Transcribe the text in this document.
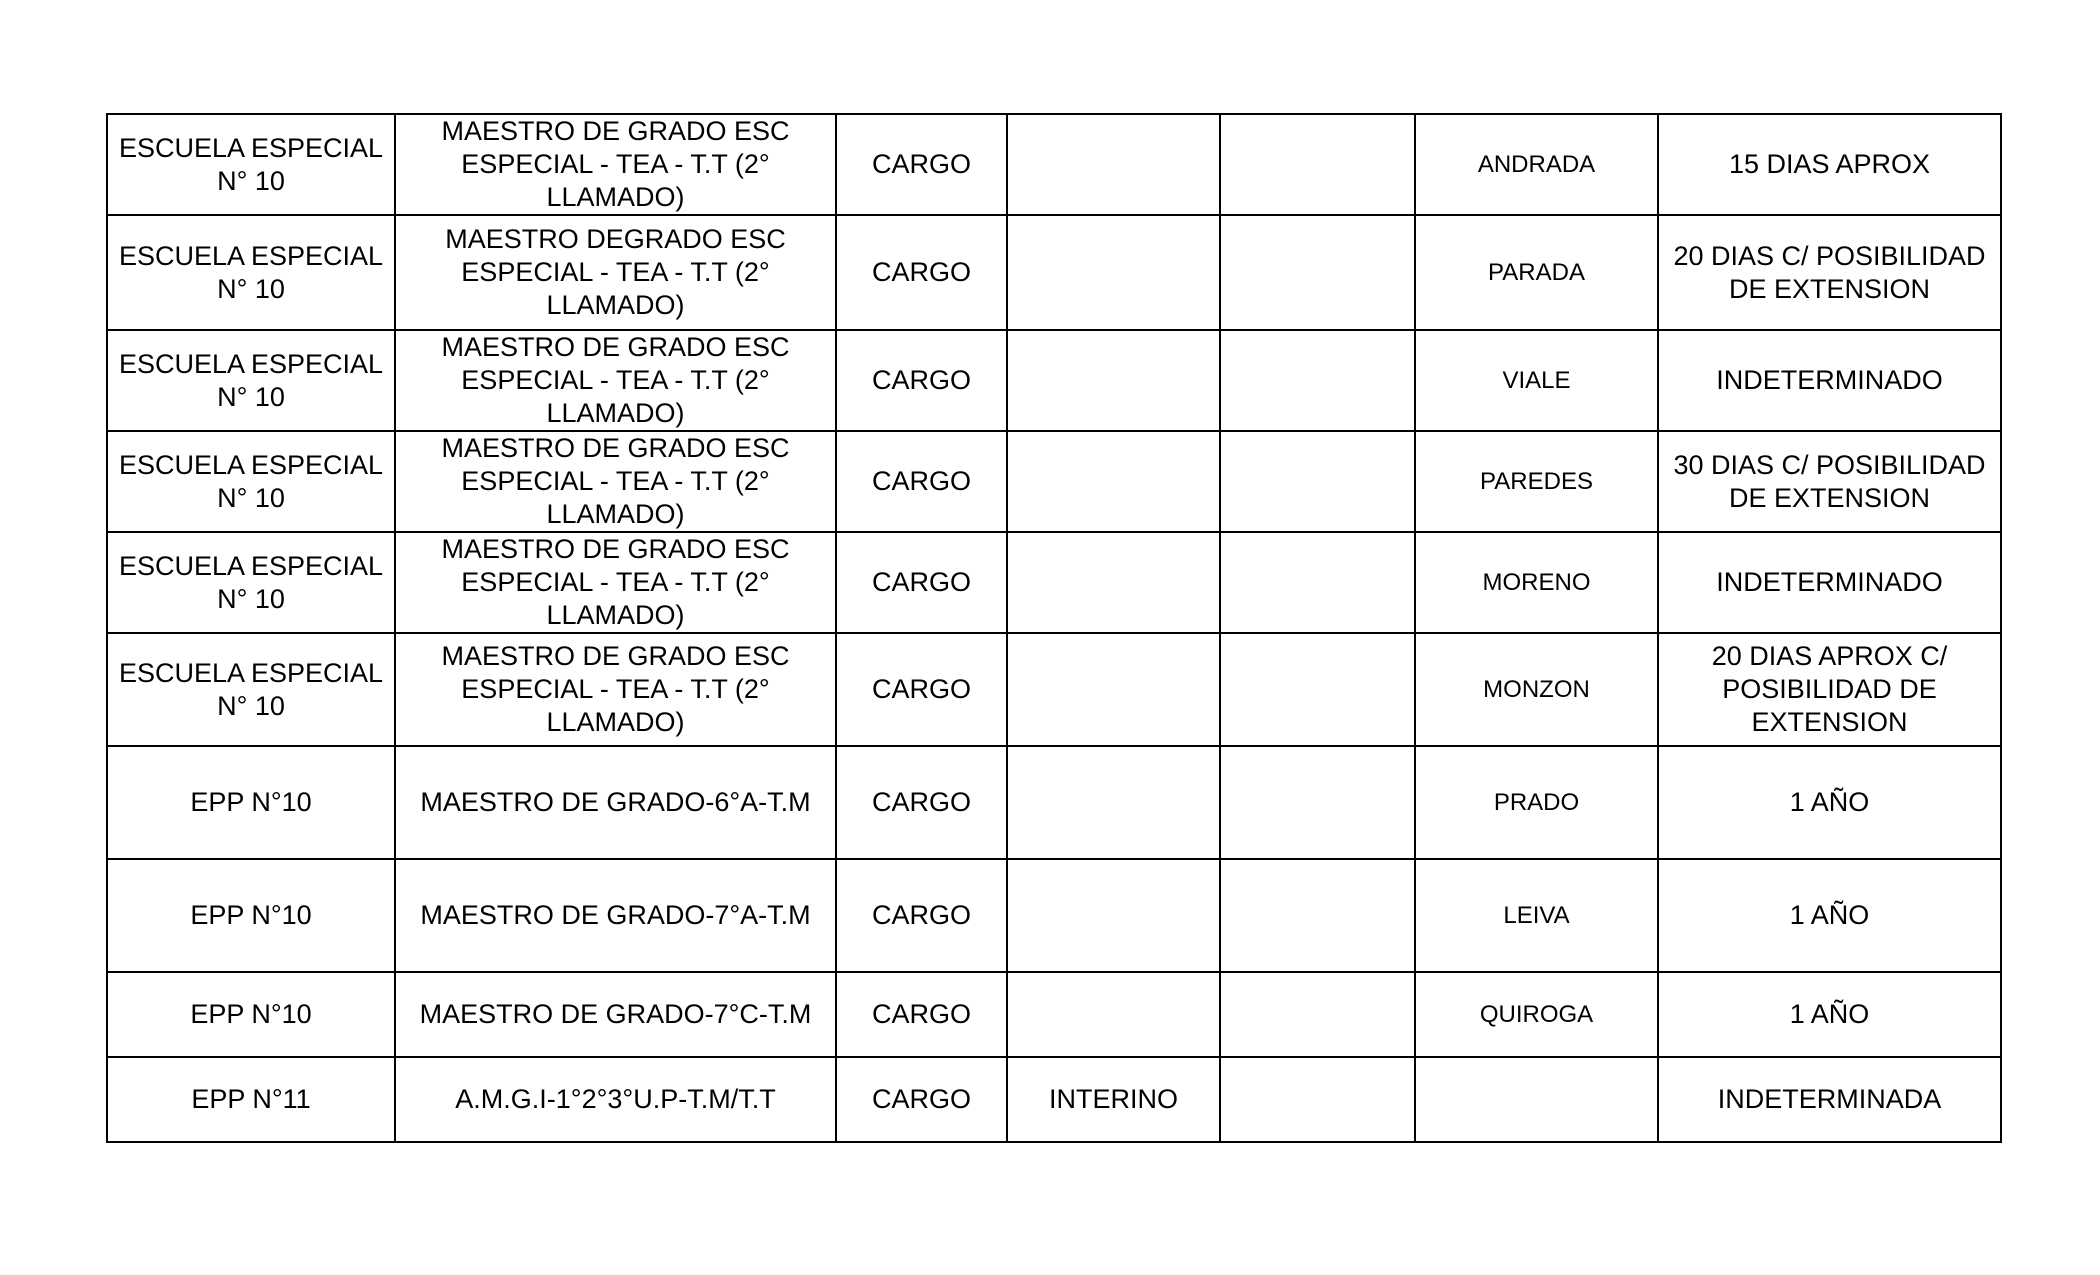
ESCUELA ESPECIAL N° 10	MAESTRO DE GRADO ESC ESPECIAL - TEA - T.T (2° LLAMADO)	CARGO			ANDRADA	15 DIAS APROX
ESCUELA ESPECIAL N° 10	MAESTRO DEGRADO ESC ESPECIAL - TEA - T.T (2° LLAMADO)	CARGO			PARADA	20 DIAS C/ POSIBILIDAD DE EXTENSION
ESCUELA ESPECIAL N° 10	MAESTRO DE GRADO ESC ESPECIAL - TEA - T.T (2° LLAMADO)	CARGO			VIALE	INDETERMINADO
ESCUELA ESPECIAL N° 10	MAESTRO DE GRADO ESC ESPECIAL - TEA - T.T (2° LLAMADO)	CARGO			PAREDES	30 DIAS C/ POSIBILIDAD DE EXTENSION
ESCUELA ESPECIAL N° 10	MAESTRO DE GRADO ESC ESPECIAL - TEA - T.T (2° LLAMADO)	CARGO			MORENO	INDETERMINADO
ESCUELA ESPECIAL N° 10	MAESTRO DE GRADO ESC ESPECIAL - TEA - T.T (2° LLAMADO)	CARGO			MONZON	20 DIAS APROX C/ POSIBILIDAD DE EXTENSION
EPP N°10	MAESTRO DE GRADO-6°A-T.M	CARGO			PRADO	1 AÑO
EPP N°10	MAESTRO DE GRADO-7°A-T.M	CARGO			LEIVA	1 AÑO
EPP N°10	MAESTRO DE GRADO-7°C-T.M	CARGO			QUIROGA	1 AÑO
EPP N°11	A.M.G.I-1°2°3°U.P-T.M/T.T	CARGO	INTERINO			INDETERMINADA
